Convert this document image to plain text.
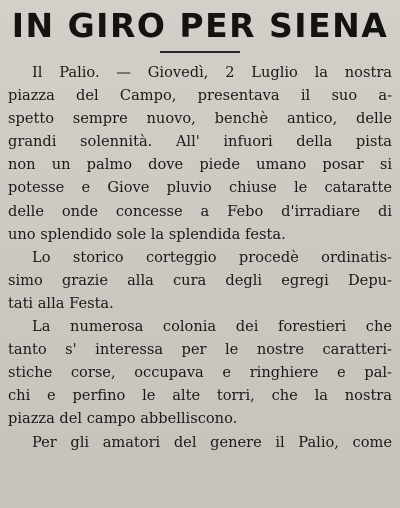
IN GIRO PER SIENA

Il Palio. — Giovedì, 2 Luglio la nostra
piazza del Campo, presentava il suo a-
spetto sempre nuovo, benchè antico, delle
grandi solennità. All' infuori della pista
non un palmo dove piede umano posar si
potesse e Giove pluvio chiuse le cataratte
delle onde concesse a Febo d'irradiare di
uno splendido sole la splendida festa.

Lo storico corteggio procedè ordinatis-
simo grazie alla cura degli egregi Depu-
tati alla Festa.

La numerosa colonia dei forestieri che
tanto s' interessa per le nostre caratteri-
stiche corse, occupava e ringhiere e pal-
chi e perfino le alte torri, che la nostra
piazza del campo abbelliscono.

Per gli amatori del genere il Palio, come
